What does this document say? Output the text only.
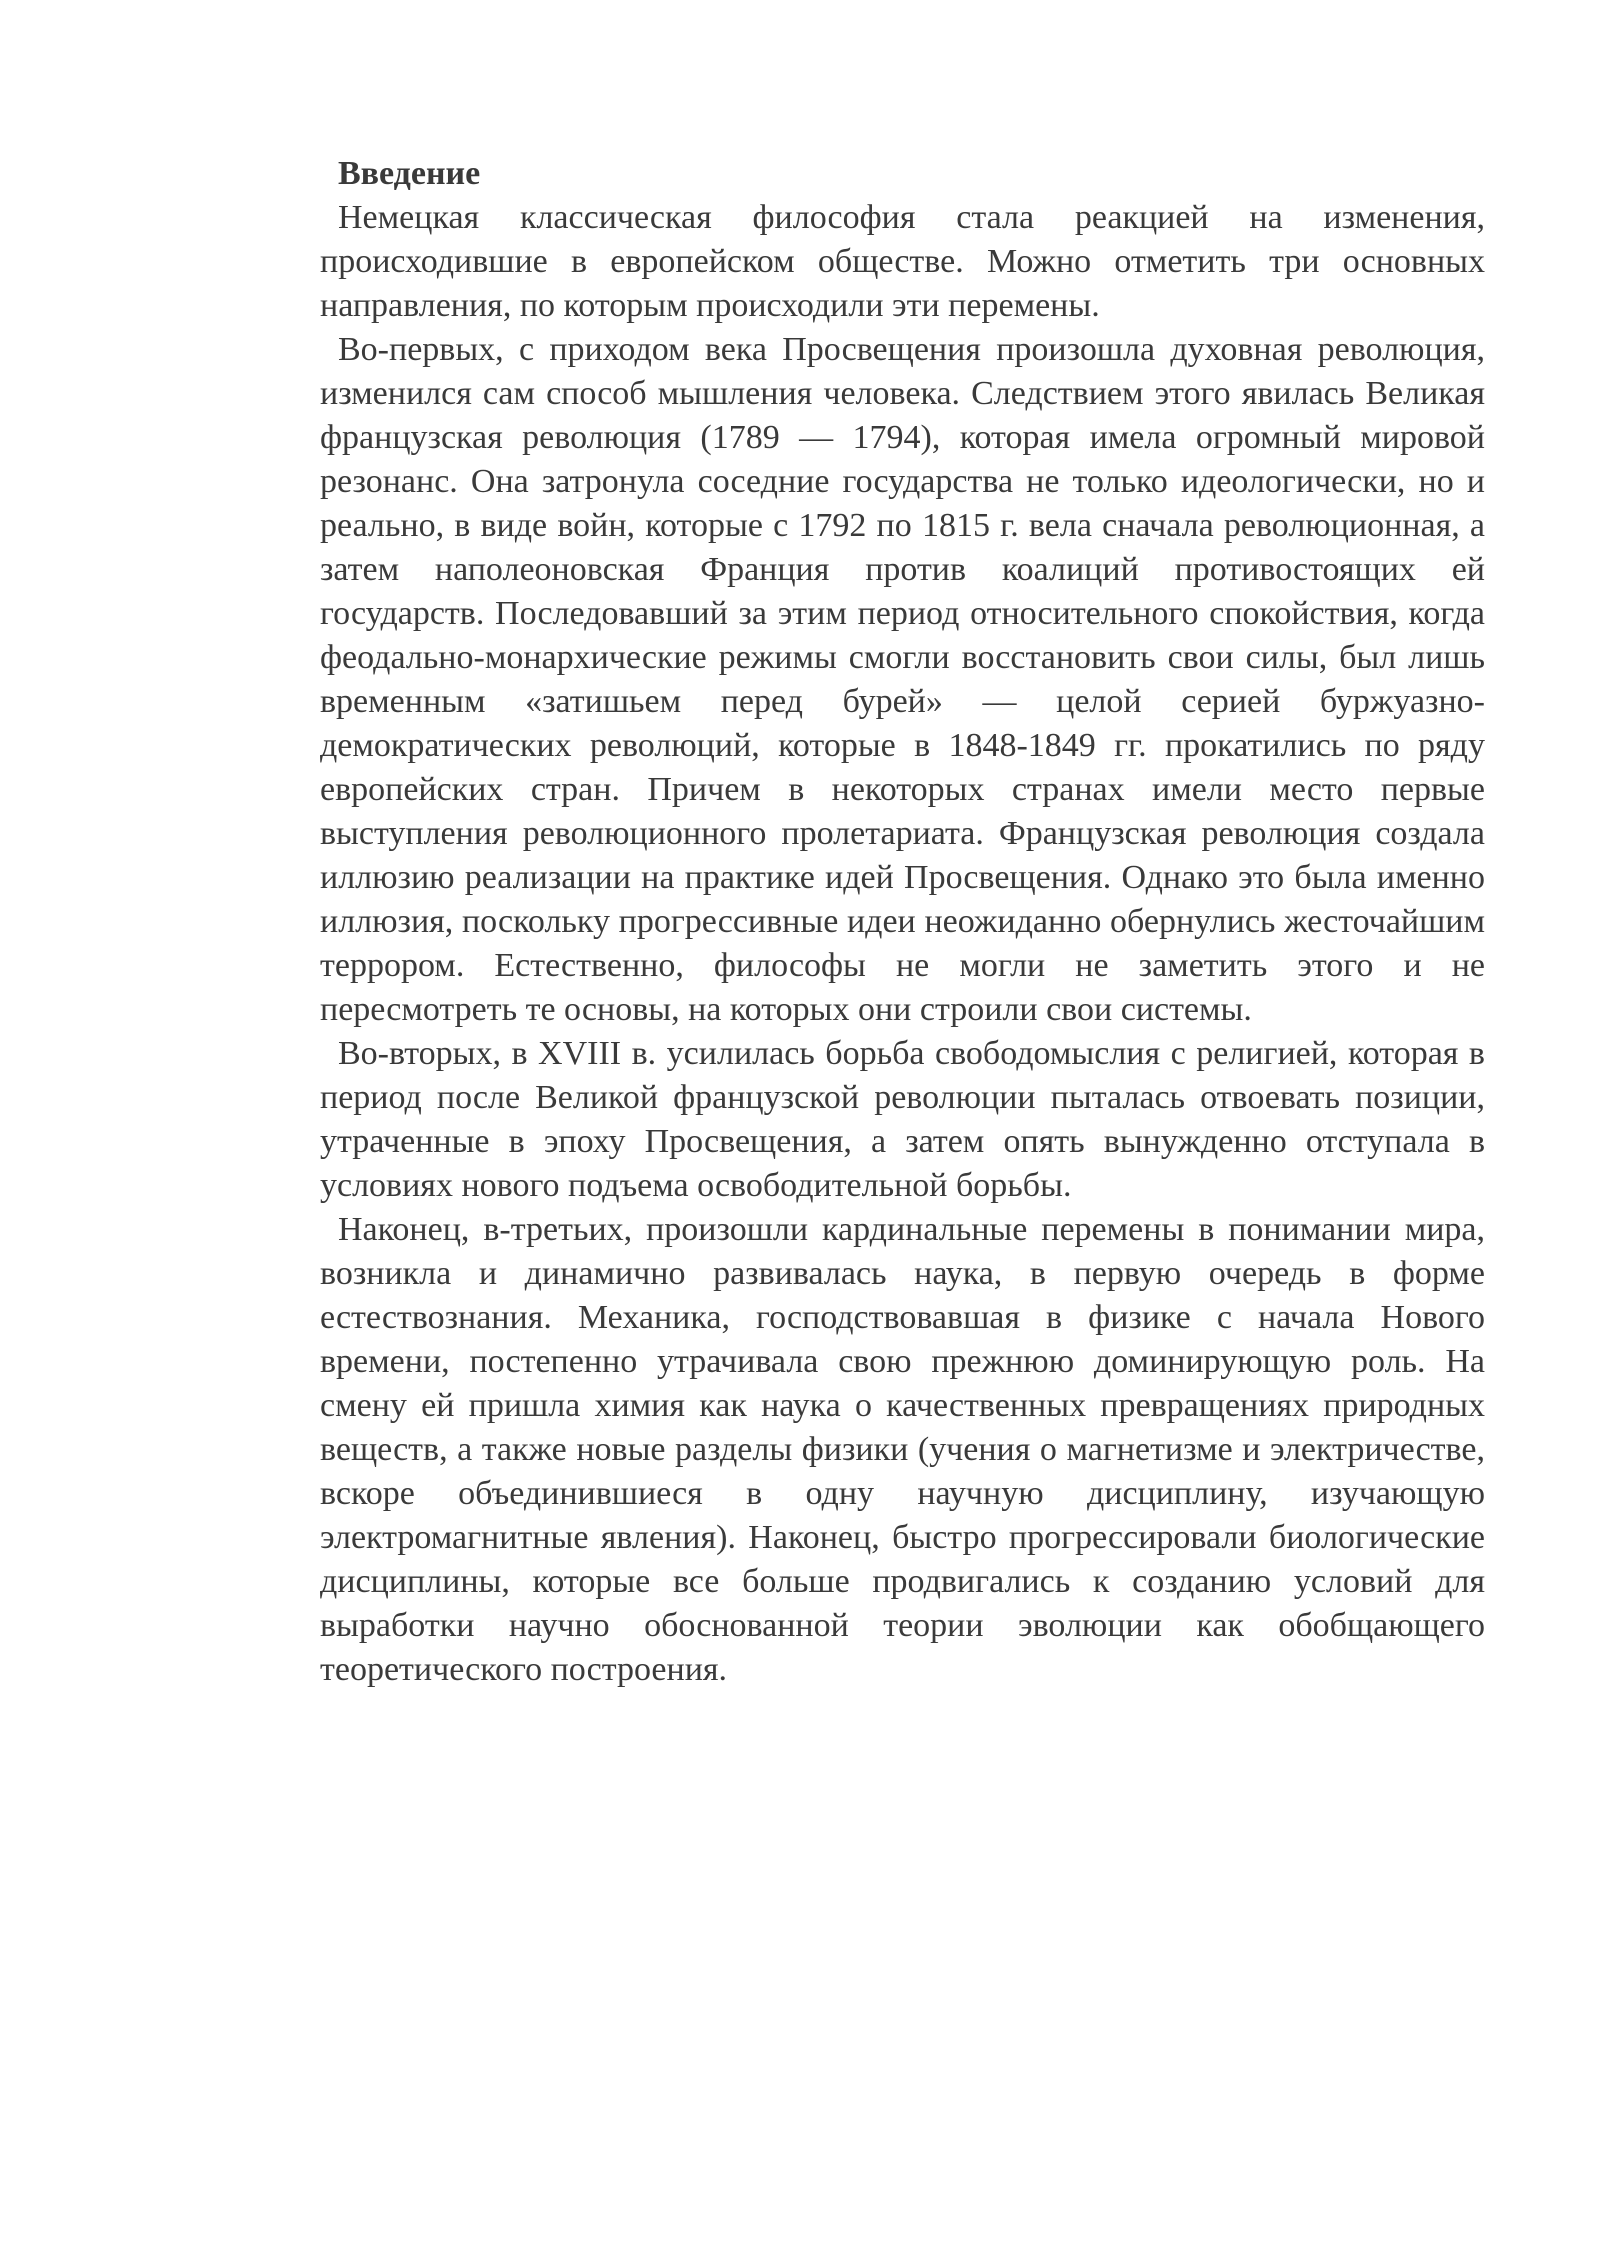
Введение

Немецкая классическая философия стала реакцией на изменения, происходившие в европейском обществе. Можно отметить три основных направления, по которым происходили эти перемены.

Во-первых, с приходом века Просвещения произошла духовная революция, изменился сам способ мышления человека. Следствием этого явилась Великая французская революция (1789 — 1794), которая имела огромный мировой резонанс. Она затронула соседние государства не только идеологически, но и реально, в виде войн, которые с 1792 по 1815 г. вела сначала революционная, а затем наполеоновская Франция против коалиций противостоящих ей государств. Последовавший за этим период относительного спокойствия, когда феодально-монархические режимы смогли восстановить свои силы, был лишь временным «затишьем перед бурей» — целой серией буржуазно-демократических революций, которые в 1848-1849 гг. прокатились по ряду европейских стран. Причем в некоторых странах имели место первые выступления революционного пролетариата. Французская революция создала иллюзию реализации на практике идей Просвещения. Однако это была именно иллюзия, поскольку прогрессивные идеи неожиданно обернулись жесточайшим террором. Естественно, философы не могли не заметить этого и не пересмотреть те основы, на которых они строили свои системы.

Во-вторых, в XVIII в. усилилась борьба свободомыслия с религией, которая в период после Великой французской революции пыталась отвоевать позиции, утраченные в эпоху Просвещения, а затем опять вынужденно отступала в условиях нового подъема освободительной борьбы.

Наконец, в-третьих, произошли кардинальные перемены в понимании мира, возникла и динамично развивалась наука, в первую очередь в форме естествознания. Механика, господствовавшая в физике с начала Нового времени, постепенно утрачивала свою прежнюю доминирующую роль. На смену ей пришла химия как наука о качественных превращениях природных веществ, а также новые разделы физики (учения о магнетизме и электричестве, вскоре объединившиеся в одну научную дисциплину, изучающую электромагнитные явления). Наконец, быстро прогрессировали биологические дисциплины, которые все больше продвигались к созданию условий для выработки научно обоснованной теории эволюции как обобщающего теоретического построения.
